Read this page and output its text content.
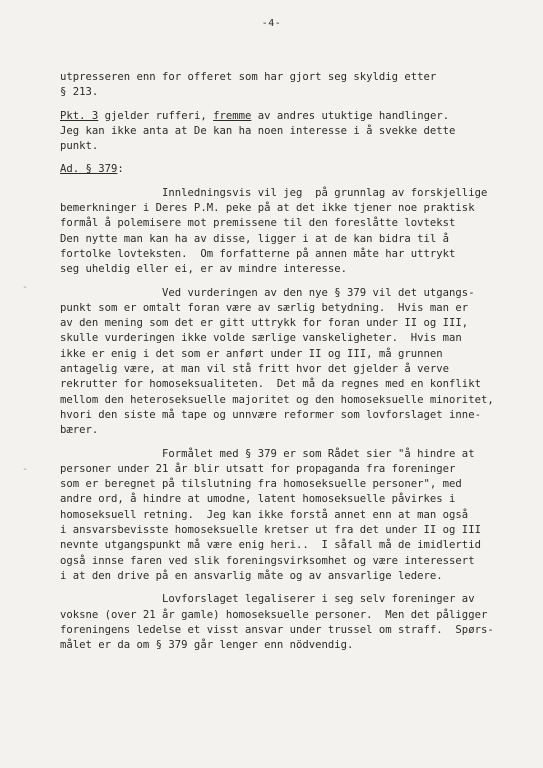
-4-
utpresseren enn for offeret som har gjort seg skyldig etter
§ 213.
Pkt. 3 gjelder rufferi, fremme av andres utuktige handlinger.
Jeg kan ikke anta at De kan ha noen interesse i å svekke dette
punkt.
Ad. § 379:
Innledningsvis vil jeg  på grunnlag av forskjellige
bemerkninger i Deres P.M. peke på at det ikke tjener noe praktisk
formål å polemisere mot premissene til den foreslåtte lovtekst
Den nytte man kan ha av disse, ligger i at de kan bidra til å
fortolke lovteksten.  Om forfatterne på annen måte har uttrykt
seg uheldig eller ei, er av mindre interesse.
Ved vurderingen av den nye § 379 vil det utgangs-
punkt som er omtalt foran være av særlig betydning.  Hvis man er
av den mening som det er gitt uttrykk for foran under II og III,
skulle vurderingen ikke volde særlige vanskeligheter.  Hvis man
ikke er enig i det som er anført under II og III, må grunnen
antagelig være, at man vil stå fritt hvor det gjelder å verve
rekrutter for homoseksualiteten.  Det må da regnes med en konflikt
mellom den heteroseksuelle majoritet og den homoseksuelle minoritet,
hvori den siste må tape og unnvære reformer som lovforslaget inne-
bærer.
Formålet med § 379 er som Rådet sier "å hindre at
personer under 21 år blir utsatt for propaganda fra foreninger
som er beregnet på tilslutning fra homoseksuelle personer", med
andre ord, å hindre at umodne, latent homoseksuelle påvirkes i
homoseksuell retning.  Jeg kan ikke forstå annet enn at man også
i ansvarsbevisste homoseksuelle kretser ut fra det under II og III
nevnte utgangspunkt må være enig heri..  I såfall må de imidlertid
også innse faren ved slik foreningsvirksomhet og være interessert
i at den drive på en ansvarlig måte og av ansvarlige ledere.
Lovforslaget legaliserer i seg selv foreninger av
voksne (over 21 år gamle) homoseksuelle personer.  Men det påligger
foreningens ledelse et visst ansvar under trussel om straff.  Spørs-
målet er da om § 379 går lenger enn nödvendig.
-
-
